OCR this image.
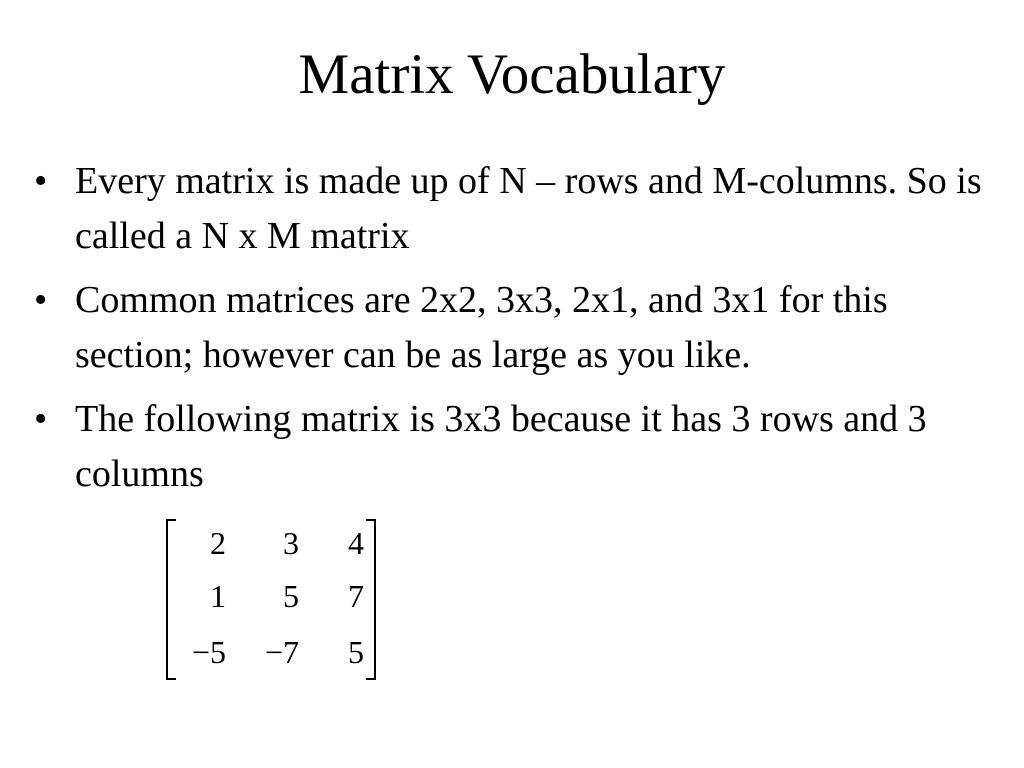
Matrix Vocabulary
• Every matrix is made up of N – rows and M-columns. So is called a N x M matrix
• Common matrices are 2x2, 3x3, 2x1, and 3x1 for this section; however can be as large as you like.
• The following matrix is 3x3 because it has 3 rows and 3 columns
2	3	4
1	5	7
−5	−7	5
